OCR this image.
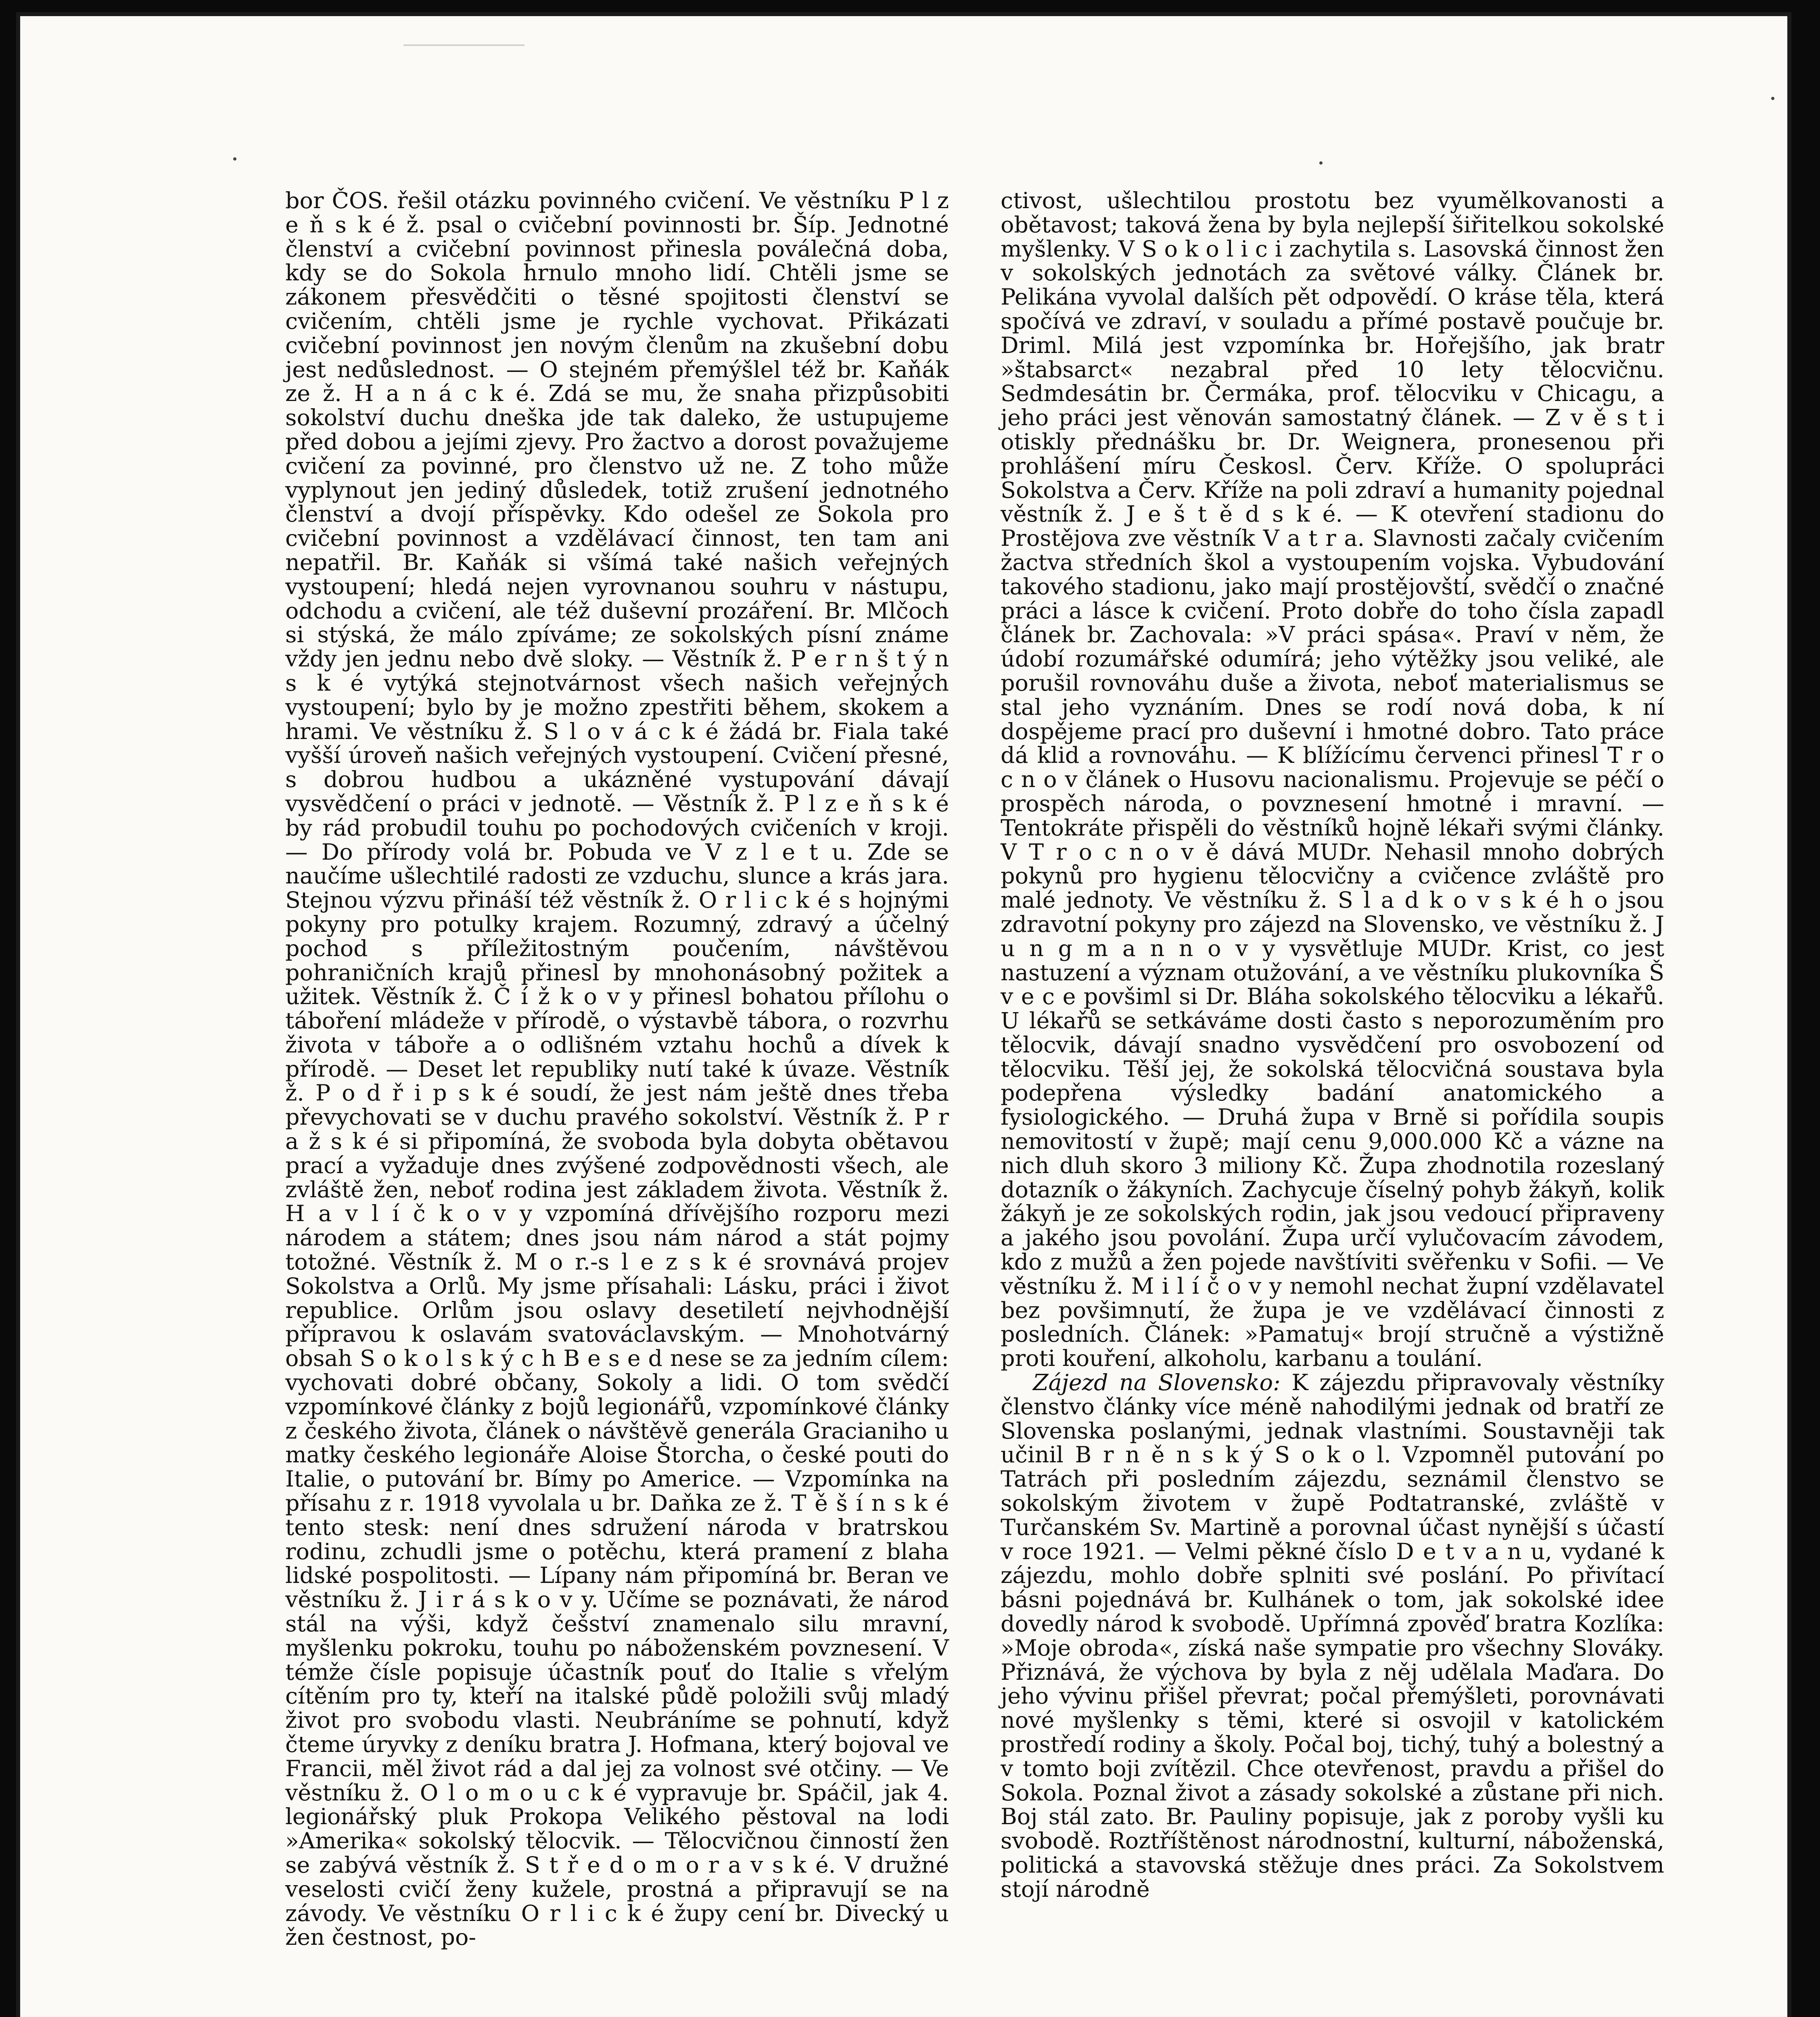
bor ČOS. řešil otázku povinného cvičení. Ve věstníku P l z e ň s k é ž. psal o cvičební povinnosti br. Šíp. Jednotné členství a cvičební povinnost přinesla poválečná doba, kdy se do Sokola hrnulo mnoho lidí. Chtěli jsme se zákonem přesvědčiti o těsné spojitosti členství se cvičením, chtěli jsme je rychle vychovat. Přikázati cvičební povinnost jen novým členům na zkušební dobu jest nedůslednost. — O stejném přemýšlel též br. Kaňák ze ž. H a n á c k é. Zdá se mu, že snaha přizpůsobiti sokolství duchu dneška jde tak daleko, že ustupujeme před dobou a jejími zjevy. Pro žactvo a dorost považujeme cvičení za povinné, pro členstvo už ne. Z toho může vyplynout jen jediný důsledek, totiž zrušení jednotného členství a dvojí příspěvky. Kdo odešel ze Sokola pro cvičební povinnost a vzdělávací činnost, ten tam ani nepatřil. Br. Kaňák si všímá také našich veřejných vystoupení; hledá nejen vyrovnanou souhru v nástupu, odchodu a cvičení, ale též duševní prozáření. Br. Mlčoch si stýská, že málo zpíváme; ze sokolských písní známe vždy jen jednu nebo dvě sloky. — Věstník ž. P e r n š t ý n s k é vytýká stejnotvárnost všech našich veřejných vystoupení; bylo by je možno zpestřiti během, skokem a hrami. Ve věstníku ž. S l o v á c k é žádá br. Fiala také vyšší úroveň našich veřejných vystoupení. Cvičení přesné, s dobrou hudbou a ukázněné vystupování dávají vysvědčení o práci v jednotě. — Věstník ž. P l z e ň s k é by rád probudil touhu po pochodových cvičeních v kroji. — Do přírody volá br. Pobuda ve V z l e t u. Zde se naučíme ušlechtilé radosti ze vzduchu, slunce a krás jara. Stejnou výzvu přináší též věstník ž. O r l i c k é s hojnými pokyny pro potulky krajem. Rozumný, zdravý a účelný pochod s příležitostným poučením, návštěvou pohraničních krajů přinesl by mnohonásobný požitek a užitek. Věstník ž. Č í ž k o v y přinesl bohatou přílohu o táboření mládeže v přírodě, o výstavbě tábora, o rozvrhu života v táboře a o odlišném vztahu hochů a dívek k přírodě. — Deset let republiky nutí také k úvaze. Věstník ž. P o d ř i p s k é soudí, že jest nám ještě dnes třeba převychovati se v duchu pravého sokolství. Věstník ž. P r a ž s k é si připomíná, že svoboda byla dobyta obětavou prací a vyžaduje dnes zvýšené zodpovědnosti všech, ale zvláště žen, neboť rodina jest základem života. Věstník ž. H a v l í č k o v y vzpomíná dřívějšího rozporu mezi národem a státem; dnes jsou nám národ a stát pojmy totožné. Věstník ž. M o r.-s l e z s k é srovnává projev Sokolstva a Orlů. My jsme přísahali: Lásku, práci i život republice. Orlům jsou oslavy desetiletí nejvhodnější přípravou k oslavám svatováclavským. — Mnohotvárný obsah S o k o l s k ý c h B e s e d nese se za jedním cílem: vychovati dobré občany, Sokoly a lidi. O tom svědčí vzpomínkové články z bojů legionářů, vzpomínkové články z českého života, článek o návštěvě generála Gracianiho u matky českého legionáře Aloise Štorcha, o české pouti do Italie, o putování br. Bímy po Americe. — Vzpomínka na přísahu z r. 1918 vyvolala u br. Daňka ze ž. T ě š í n s k é tento stesk: není dnes sdružení národa v bratrskou rodinu, zchudli jsme o potěchu, která pramení z blaha lidské pospolitosti. — Lípany nám připomíná br. Beran ve věstníku ž. J i r á s k o v y. Učíme se poznávati, že národ stál na výši, když češství znamenalo silu mravní, myšlenku pokroku, touhu po náboženském povznesení. V témže čísle popisuje účastník pouť do Italie s vřelým cítěním pro ty, kteří na italské půdě položili svůj mladý život pro svobodu vlasti. Neubráníme se pohnutí, když čteme úryvky z deníku bratra J. Hofmana, který bojoval ve Francii, měl život rád a dal jej za volnost své otčiny. — Ve věstníku ž. O l o m o u c k é vypravuje br. Spáčil, jak 4. legionářský pluk Prokopa Velikého pěstoval na lodi »Amerika« sokolský tělocvik. — Tělocvičnou činností žen se zabývá věstník ž. S t ř e d o m o r a v s k é. V družné veselosti cvičí ženy kuželе, prostná a připravují se na závody. Ve věstníku O r l i c k é župy cení br. Divecký u žen čestnost, po-

ctivost, ušlechtilou prostotu bez vyumělkovanosti a obětavost; taková žena by byla nejlepší šiřitelkou sokolské myšlenky. V S o k o l i c i zachytila s. Lasovská činnost žen v sokolských jednotách za světové války. Článek br. Pelikána vyvolal dalších pět odpovědí. O kráse těla, která spočívá ve zdraví, v souladu a přímé postavě poučuje br. Driml. Milá jest vzpomínka br. Hořejšího, jak bratr »štabsarct« nezabral před 10 lety tělocvičnu. Sedmdesátin br. Čermáka, prof. tělocviku v Chicagu, a jeho práci jest věnován samostatný článek. — Z v ě s t i otiskly přednášku br. Dr. Weignera, pronesenou při prohlášení míru Českosl. Červ. Kříže. O spolupráci Sokolstva a Červ. Kříže na poli zdraví a humanity pojednal věstník ž. J e š t ě d s k é. — K otevření stadionu do Prostějova zve věstník V a t r a. Slavnosti začaly cvičením žactva středních škol a vystoupením vojska. Vybudování takového stadionu, jako mají prostějovští, svědčí o značné práci a lásce k cvičení. Proto dobře do toho čísla zapadl článek br. Zachovala: »V práci spása«. Praví v něm, že údobí rozumářské odumírá; jeho výtěžky jsou veliké, ale porušil rovnováhu duše a života, neboť materialismus se stal jeho vyznáním. Dnes se rodí nová doba, k ní dospějeme prací pro duševní i hmotné dobro. Tato práce dá klid a rovnováhu. — K blížícímu červenci přinesl T r o c n o v článek o Husovu nacionalismu. Projevuje se péčí o prospěch národa, o povznesení hmotné i mravní. — Tentokráte přispěli do věstníků hojně lékaři svými články. V T r o c n o v ě dává MUDr. Nehasil mnoho dobrých pokynů pro hygienu tělocvičny a cvičence zvláště pro malé jednoty. Ve věstníku ž. S l a d k o v s k é h o jsou zdravotní pokyny pro zájezd na Slovensko, ve věstníku ž. J u n g m a n n o v y vysvětluje MUDr. Krist, co jest nastuzení a význam otužování, a ve věstníku plukovníka Š v e c e povšiml si Dr. Bláha sokolského tělocviku a lékařů. U lékařů se setkáváme dosti často s neporozuměním pro tělocvik, dávají snadno vysvědčení pro osvobození od tělocviku. Těší jej, že sokolská tělocvičná soustava byla podepřena výsledky badání anatomického a fysiologického. — Druhá župa v Brně si pořídila soupis nemovitostí v župě; mají cenu 9,000.000 Kč a vázne na nich dluh skoro 3 miliony Kč. Župa zhodnotila rozeslaný dotazník o žákyních. Zachycuje číselný pohyb žákyň, kolik žákyň je ze sokolských rodin, jak jsou vedoucí připraveny a jakého jsou povolání. Župa určí vylučovacím závodem, kdo z mužů a žen pojede navštíviti svěřenku v Sofii. — Ve věstníku ž. M i l í č o v y nemohl nechat župní vzdělavatel bez povšimnutí, že župa je ve vzdělávací činnosti z posledních. Článek: »Pamatuj« brojí stručně a výstižně proti kouření, alkoholu, karbanu a toulání.

Zájezd na Slovensko: K zájezdu připravovaly věstníky členstvo články více méně nahodilými jednak od bratří ze Slovenska poslanými, jednak vlastními. Soustavněji tak učinil B r n ě n s k ý S o k o l. Vzpomněl putování po Tatrách při posledním zájezdu, seznámil členstvo se sokolským životem v župě Podtatranské, zvláště v Turčanském Sv. Martině a porovnal účast nynější s účastí v roce 1921. — Velmi pěkné číslo D e t v a n u, vydané k zájezdu, mohlo dobře splniti své poslání. Po přivítací básni pojednává br. Kulhánek o tom, jak sokolské idee dovedly národ k svobodě. Upřímná zpověď bratra Kozlíka: »Moje obroda«, získá naše sympatie pro všechny Slováky. Přiznává, že výchova by byla z něj udělala Maďara. Do jeho vývinu přišel převrat; počal přemýšleti, porovnávati nové myšlenky s těmi, které si osvojil v katolickém prostředí rodiny a školy. Počal boj, tichý, tuhý a bolestný a v tomto boji zvítězil. Chce otevřenost, pravdu a přišel do Sokola. Poznal život a zásady sokolské a zůstane při nich. Boj stál zato. Br. Pauliny popisuje, jak z poroby vyšli ku svobodě. Roztříštěnost národnostní, kulturní, náboženská, politická a stavovská stěžuje dnes práci. Za Sokolstvem stojí národně
